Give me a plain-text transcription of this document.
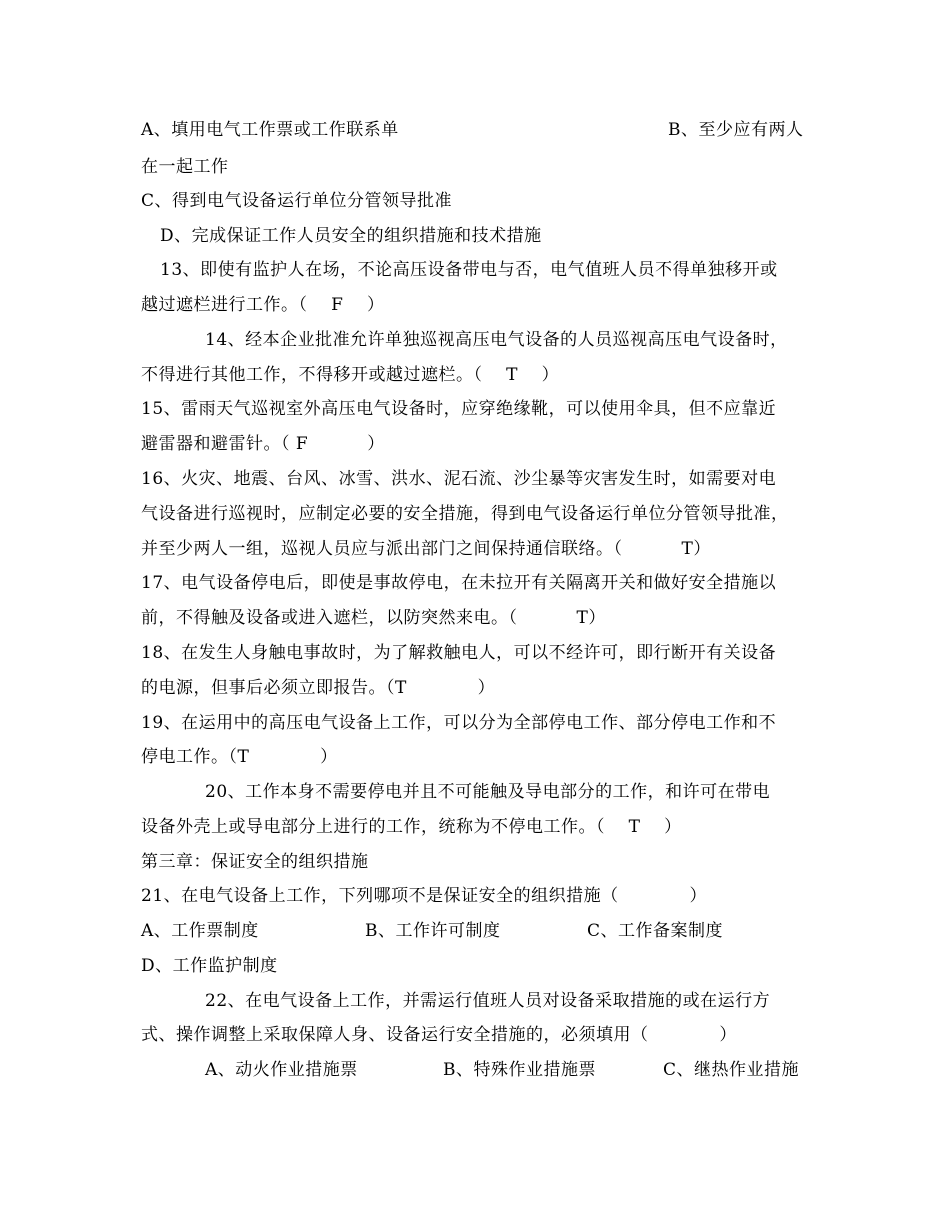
A、填用电气工作票或工作联系单	B、至少应有两人
在一起工作
C、得到电气设备运行单位分管领导批准
D、完成保证工作人员安全的组织措施和技术措施
13、即使有监护人在场，不论高压设备带电与否，电气值班人员不得单独移开或
越过遮栏进行工作。（    F    ）
14、经本企业批准允许单独巡视高压电气设备的人员巡视高压电气设备时，
不得进行其他工作，不得移开或越过遮栏。（    T    ）
15、雷雨天气巡视室外高压电气设备时，应穿绝缘靴，可以使用伞具，但不应靠近
避雷器和避雷针。（ F          ）
16、火灾、地震、台风、冰雪、洪水、泥石流、沙尘暴等灾害发生时，如需要对电
气设备进行巡视时，应制定必要的安全措施，得到电气设备运行单位分管领导批准，
并至少两人一组，巡视人员应与派出部门之间保持通信联络。（          T）
17、电气设备停电后，即使是事故停电，在未拉开有关隔离开关和做好安全措施以
前，不得触及设备或进入遮栏，以防突然来电。（          T）
18、在发生人身触电事故时，为了解救触电人，可以不经许可，即行断开有关设备
的电源，但事后必须立即报告。（T            ）
19、在运用中的高压电气设备上工作，可以分为全部停电工作、部分停电工作和不
停电工作。（T            ）
20、工作本身不需要停电并且不可能触及导电部分的工作，和许可在带电
设备外壳上或导电部分上进行的工作，统称为不停电工作。（    T    ）
第三章：保证安全的组织措施
21、在电气设备上工作，下列哪项不是保证安全的组织措施（            ）
A、工作票制度	B、工作许可制度	C、工作备案制度
D、工作监护制度
22、在电气设备上工作，并需运行值班人员对设备采取措施的或在运行方
式、操作调整上采取保障人身、设备运行安全措施的，必须填用（            ）
A、动火作业措施票	B、特殊作业措施票	C、继热作业措施
